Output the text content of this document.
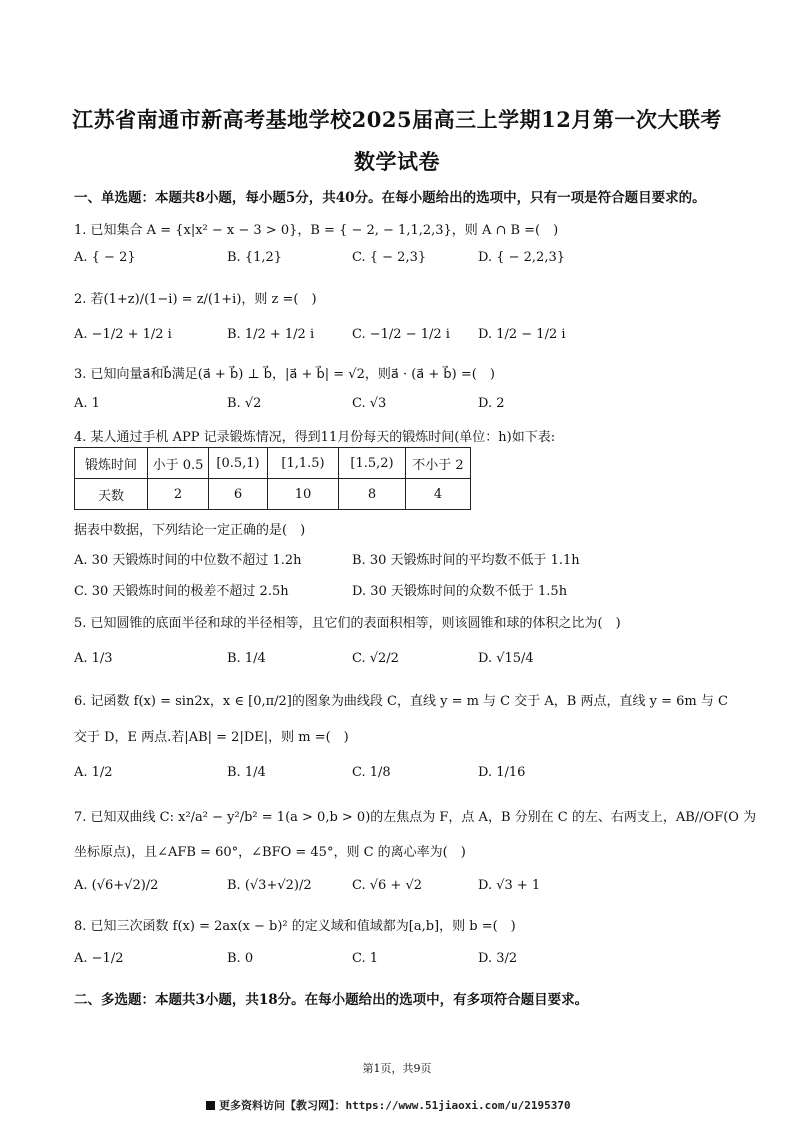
江苏省南通市新高考基地学校2025届高三上学期12月第一次大联考
数学试卷
一、单选题：本题共8小题，每小题5分，共40分。在每小题给出的选项中，只有一项是符合题目要求的。
1. 已知集合 A = {x|x² − x − 3 > 0}，B = { − 2, − 1,1,2,3}，则 A ∩ B =(　)
A. { − 2}	B. {1,2}	C. { − 2,3}	D. { − 2,2,3}
2. 若(1+z)/(1−i) = z/(1+i)，则 z =(　)
A. −1/2 + 1/2 i	B. 1/2 + 1/2 i	C. −1/2 − 1/2 i D. 1/2 − 1/2 i
3. 已知向量a⃗和b⃗满足(a⃗ + b⃗) ⊥ b⃗，|a⃗ + b⃗| = √2，则a⃗ · (a⃗ + b⃗) =(　)
A. 1	B. √2	C. √3	D. 2
4. 某人通过手机 APP 记录锻炼情况，得到11月份每天的锻炼时间(单位：h)如下表:
锻炼时间	小于 0.5	[0.5,1)	[1,1.5)	[1.5,2)	不小于 2
天数	2	6	10	8	4
据表中数据，下列结论一定正确的是(　)
A. 30 天锻炼时间的中位数不超过 1.2h	B. 30 天锻炼时间的平均数不低于 1.1h
C. 30 天锻炼时间的极差不超过 2.5h	D. 30 天锻炼时间的众数不低于 1.5h
5. 已知圆锥的底面半径和球的半径相等，且它们的表面积相等，则该圆锥和球的体积之比为(　)
A. 1/3	B. 1/4	C. √2/2	D. √15/4
6. 记函数 f(x) = sin2x，x ∈ [0,π/2]的图象为曲线段 C，直线 y = m 与 C 交于 A，B 两点，直线 y = 6m 与 C
交于 D，E 两点.若|AB| = 2|DE|，则 m =(　)
A. 1/2	B. 1/4	C. 1/8	D. 1/16
7. 已知双曲线 C: x²/a² − y²/b² = 1(a > 0,b > 0)的左焦点为 F，点 A，B 分别在 C 的左、右两支上，AB//OF(O 为
坐标原点)，且∠AFB = 60°，∠BFO = 45°，则 C 的离心率为(　)
A. (√6+√2)/2	B. (√3+√2)/2	C. √6 + √2	D. √3 + 1
8. 已知三次函数 f(x) = 2ax(x − b)² 的定义域和值域都为[a,b]，则 b =(　)
A. −1/2	B. 0	C. 1	D. 3/2
二、多选题：本题共3小题，共18分。在每小题给出的选项中，有多项符合题目要求。
第1页，共9页
更多资料访问【教习网】：https://www.51jiaoxi.com/u/2195370
